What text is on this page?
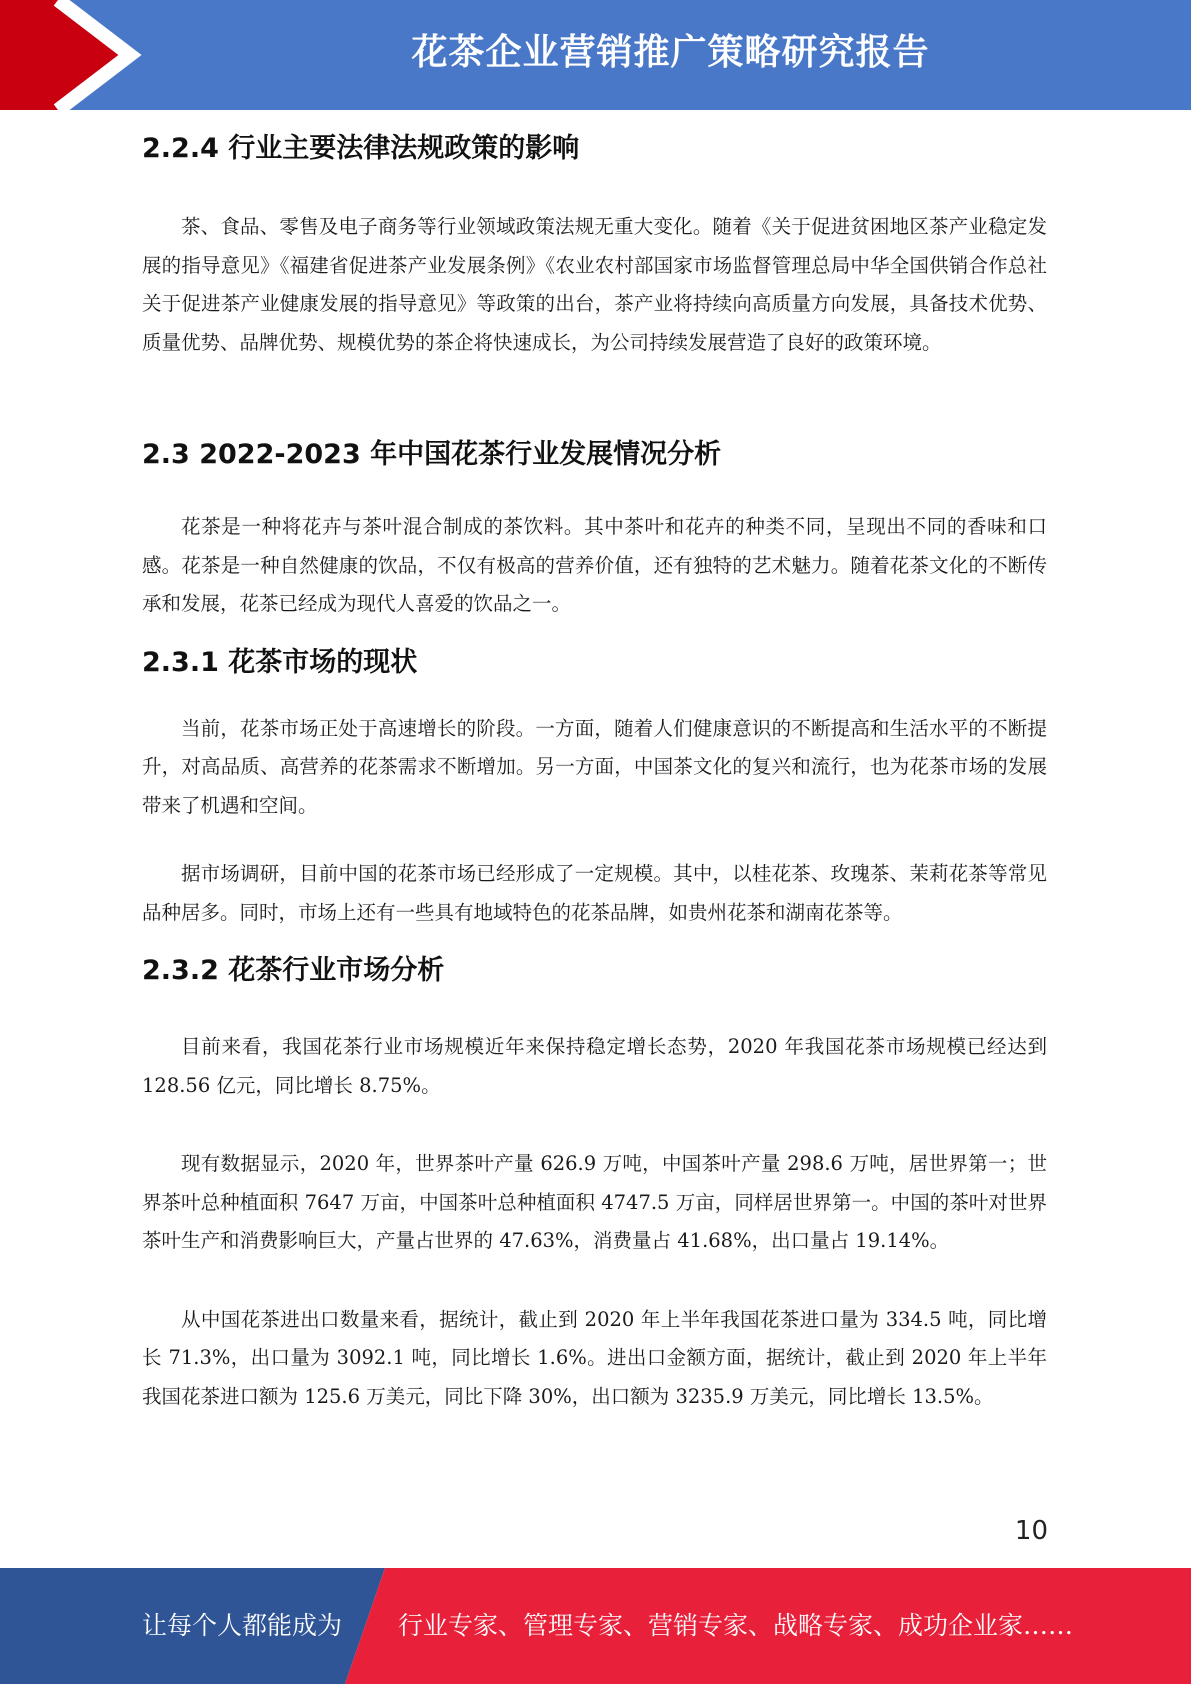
花茶企业营销推广策略研究报告
2.2.4 行业主要法律法规政策的影响

茶、食品、零售及电子商务等行业领域政策法规无重大变化。随着《关于促进贫困地区茶产业稳定发展的指导意见》《福建省促进茶产业发展条例》《农业农村部国家市场监督管理总局中华全国供销合作总社关于促进茶产业健康发展的指导意见》等政策的出台，茶产业将持续向高质量方向发展，具备技术优势、质量优势、品牌优势、规模优势的茶企将快速成长，为公司持续发展营造了良好的政策环境。

2.3 2022-2023 年中国花茶行业发展情况分析

花茶是一种将花卉与茶叶混合制成的茶饮料。其中茶叶和花卉的种类不同，呈现出不同的香味和口感。花茶是一种自然健康的饮品，不仅有极高的营养价值，还有独特的艺术魅力。随着花茶文化的不断传承和发展，花茶已经成为现代人喜爱的饮品之一。

2.3.1 花茶市场的现状

当前，花茶市场正处于高速增长的阶段。一方面，随着人们健康意识的不断提高和生活水平的不断提升，对高品质、高营养的花茶需求不断增加。另一方面，中国茶文化的复兴和流行，也为花茶市场的发展带来了机遇和空间。

据市场调研，目前中国的花茶市场已经形成了一定规模。其中，以桂花茶、玫瑰茶、茉莉花茶等常见品种居多。同时，市场上还有一些具有地域特色的花茶品牌，如贵州花茶和湖南花茶等。

2.3.2 花茶行业市场分析

目前来看，我国花茶行业市场规模近年来保持稳定增长态势，2020 年我国花茶市场规模已经达到 128.56 亿元，同比增长 8.75%。

现有数据显示，2020 年，世界茶叶产量 626.9 万吨，中国茶叶产量 298.6 万吨，居世界第一；世界茶叶总种植面积 7647 万亩，中国茶叶总种植面积 4747.5 万亩，同样居世界第一。中国的茶叶对世界茶叶生产和消费影响巨大，产量占世界的 47.63%，消费量占 41.68%，出口量占 19.14%。

从中国花茶进出口数量来看，据统计，截止到 2020 年上半年我国花茶进口量为 334.5 吨，同比增长 71.3%，出口量为 3092.1 吨，同比增长 1.6%。进出口金额方面，据统计，截止到 2020 年上半年我国花茶进口额为 125.6 万美元，同比下降 30%，出口额为 3235.9 万美元，同比增长 13.5%。

10
让每个人都能成为 行业专家、管理专家、营销专家、战略专家、成功企业家……
